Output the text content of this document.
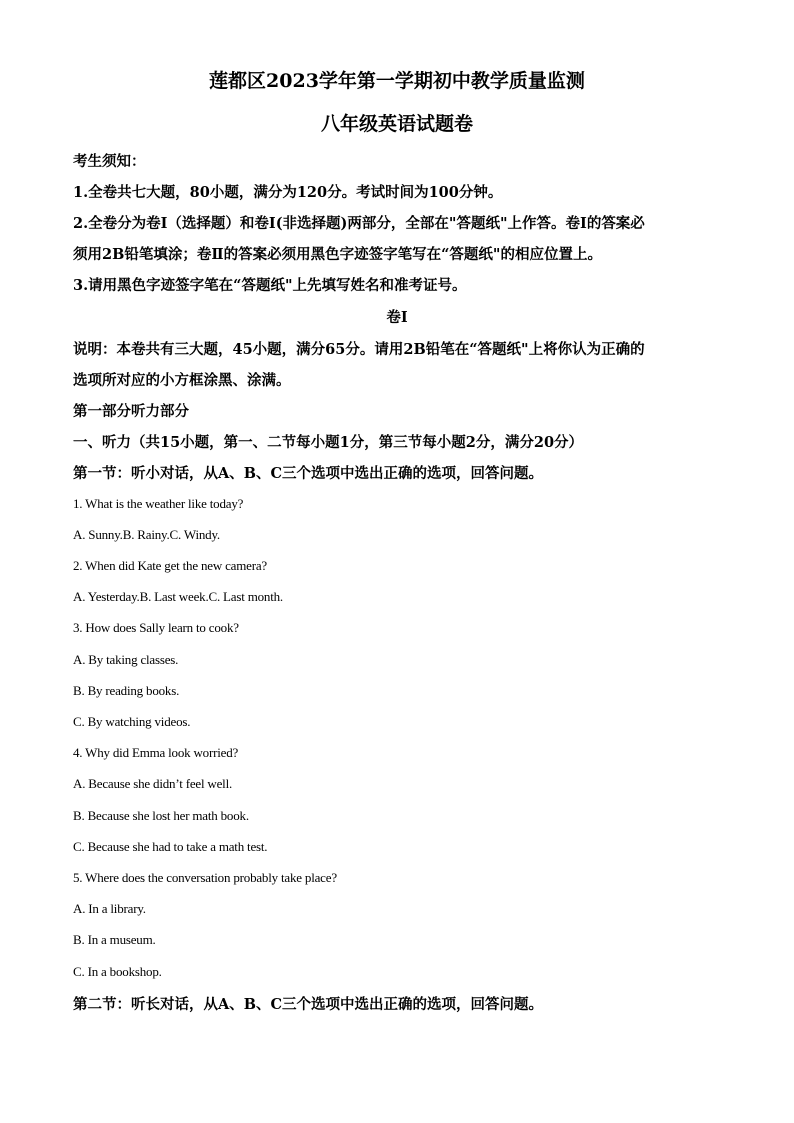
莲都区2023学年第一学期初中教学质量监测
八年级英语试题卷
考生须知：
1.全卷共七大题，80小题，满分为120分。考试时间为100分钟。
2.全卷分为卷I（选择题）和卷I(非选择题)两部分，全部在"答题纸"上作答。卷I的答案必
须用2B铅笔填涂；卷Ⅱ的答案必须用黑色字迹签字笔写在“答题纸"的相应位置上。
3.请用黑色字迹签字笔在“答题纸"上先填写姓名和准考证号。
卷I
说明：本卷共有三大题，45小题，满分65分。请用2B铅笔在“答题纸"上将你认为正确的
选项所对应的小方框涂黑、涂满。
第一部分听力部分
一、听力（共15小题，第一、二节每小题1分，第三节每小题2分，满分20分）
第一节：听小对话，从A、B、C三个选项中选出正确的选项，回答问题。
1. What is the weather like today?
A. Sunny.B. Rainy.C. Windy.
2. When did Kate get the new camera?
A. Yesterday.B. Last week.C. Last month.
3. How does Sally learn to cook?
A. By taking classes.
B. By reading books.
C. By watching videos.
4. Why did Emma look worried?
A. Because she didn’t feel well.
B. Because she lost her math book.
C. Because she had to take a math test.
5. Where does the conversation probably take place?
A. In a library.
B. In a museum.
C. In a bookshop.
第二节：听长对话，从A、B、C三个选项中选出正确的选项，回答问题。
